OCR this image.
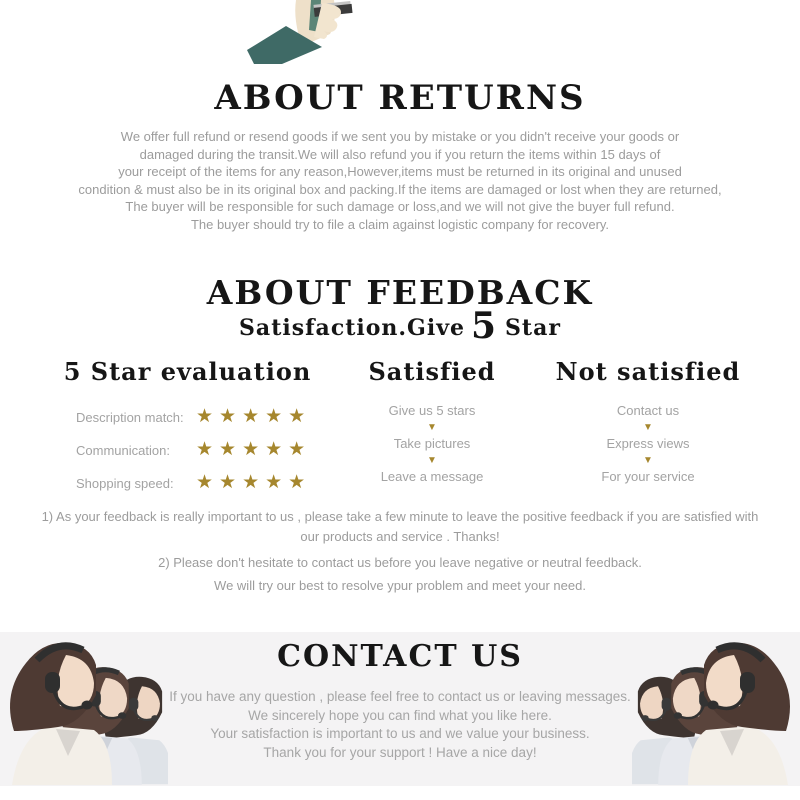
ABOUT RETURNS
We offer full refund or resend goods if we sent you by mistake or you didn't receive your goods or
damaged during the transit.We will also refund you if you return the items within 15 days of
your receipt of the items for any reason,However,items must be returned in its original and unused
condition & must also be in its original box and packing.If the items are damaged or lost when they are returned,
The buyer will be responsible for such damage or loss,and we will not give the buyer full refund.
The buyer should try to file a claim against logistic company for recovery.
ABOUT FEEDBACK
Satisfaction.Give 5 Star
5 Star evaluation
Description match: ★★★★★
Communication:	★★★★★
Shopping speed:	★★★★★
Satisfied
Give us 5 stars
▼
Take pictures
▼
Leave a message
Not satisfied
Contact us
▼
Express views
▼
For your service
1) As your feedback is really important to us , please take a few minute to leave the positive feedback if you are satisfied with
our products and service . Thanks!
2) Please don't hesitate to contact us before you leave negative or neutral feedback.
We will try our best to resolve ypur problem and meet your need.
CONTACT US
If you have any question , please feel free to contact us or leaving messages.
We sincerely hope you can find what you like here.
Your satisfaction is important to us and we value your business.
Thank you for your support ! Have a nice day!
